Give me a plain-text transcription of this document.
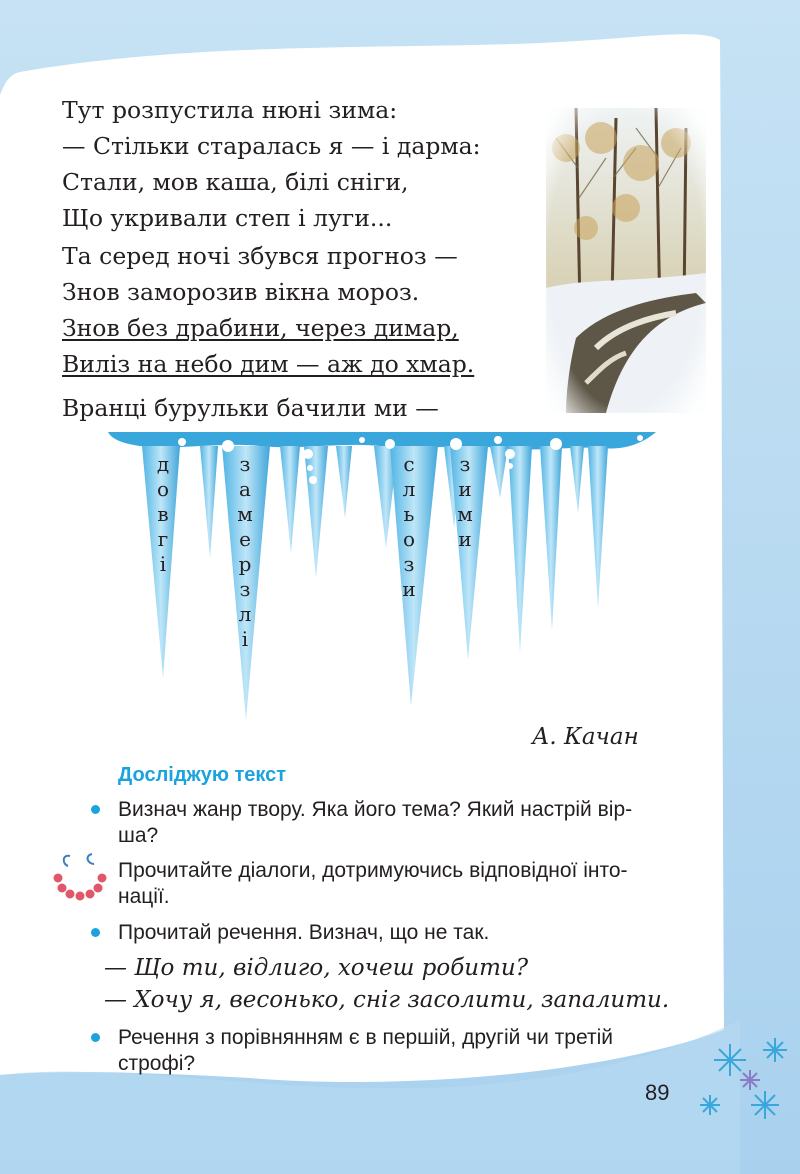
Тут розпустила нюні зима:
— Стільки старалась я — і дарма:
Стали, мов каша, білі сніги,
Що укривали степ і луги...
Та серед ночі збувся прогноз —
Знов заморозив вікна мороз.
Знов без драбини, через димар,
Виліз на небо дим — аж до хмар.
Вранці бурульки бачили ми —
д
о
в
г
і
з
а
м
е
р
з
л
і
с
л
ь
о
з
и
з
и
м
и
А. Качан
Досліджую текст
Визнач жанр твору. Яка його тема? Який настрій вір-
ша?
Прочитайте діалоги, дотримуючись відповідної інто-
нації.
Прочитай речення. Визнач, що не так.
— Що ти, відлиго, хочеш робити?
— Хочу я, весонько, сніг засолити, запалити.
Речення з порівнянням є в першій, другій чи третій
строфі?
89
